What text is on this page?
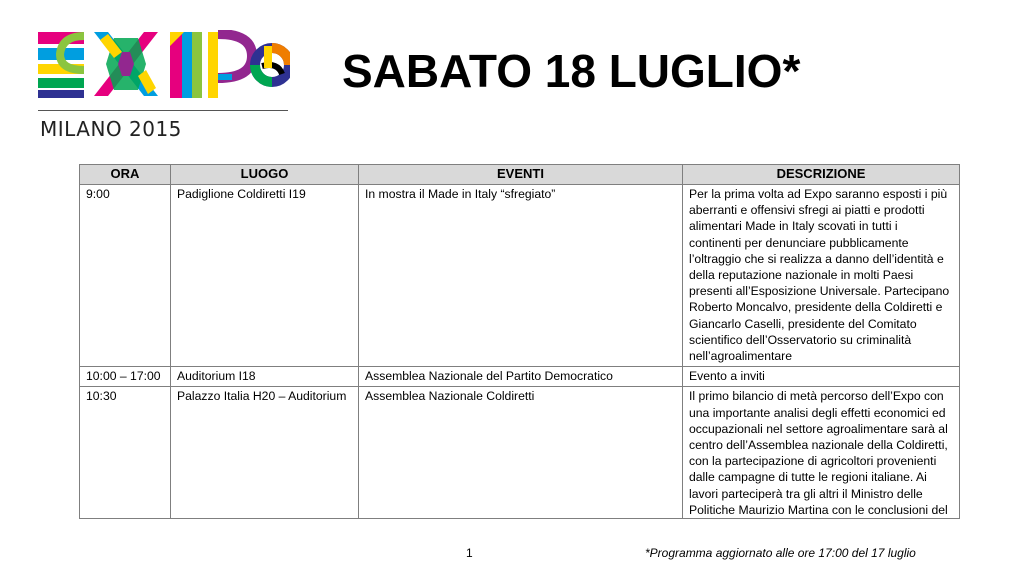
MILANO 2015
SABATO 18 LUGLIO*
ORA	LUOGO	EVENTI	DESCRIZIONE
9:00	Padiglione Coldiretti I19	In mostra il Made in Italy “sfregiato”	Per la prima volta ad Expo saranno esposti i più aberranti e offensivi sfregi ai piatti e prodotti alimentari Made in Italy scovati in tutti i continenti per denunciare pubblicamente l’oltraggio che si realizza a danno dell’identità e della reputazione nazionale in molti Paesi presenti all’Esposizione Universale. Partecipano Roberto Moncalvo, presidente della Coldiretti e Giancarlo Caselli, presidente del Comitato scientifico dell’Osservatorio su criminalità nell’agroalimentare
10:00 – 17:00	Auditorium I18	Assemblea Nazionale del Partito Democratico	Evento a inviti
10:30	Palazzo Italia H20 – Auditorium	Assemblea Nazionale Coldiretti	Il primo bilancio di metà percorso dell’Expo con una importante analisi degli effetti economici ed occupazionali nel settore agroalimentare sarà al centro dell’Assemblea nazionale della Coldiretti, con la partecipazione di agricoltori provenienti dalle campagne di tutte le regioni italiane. Ai lavori parteciperà tra gli altri il Ministro delle Politiche Maurizio Martina con le conclusioni del
1	*Programma aggiornato alle ore 17:00 del 17 luglio
